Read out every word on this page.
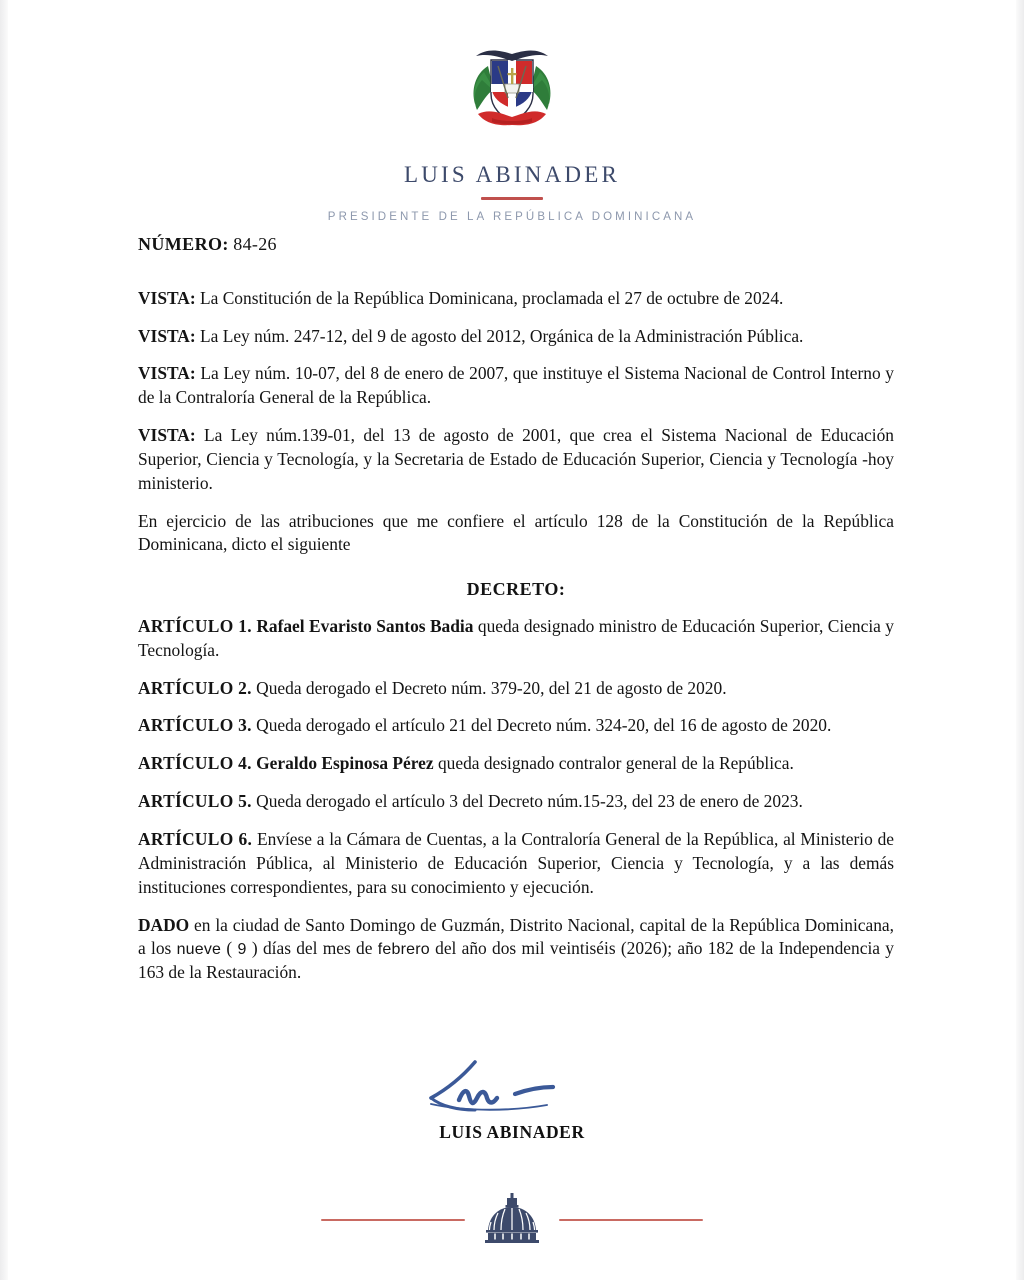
LUIS ABINADER
PRESIDENTE DE LA REPÚBLICA DOMINICANA
NÚMERO: 84-26

VISTA: La Constitución de la República Dominicana, proclamada el 27 de octubre de 2024.

VISTA: La Ley núm. 247-12, del 9 de agosto del 2012, Orgánica de la Administración Pública.

VISTA: La Ley núm. 10-07, del 8 de enero de 2007, que instituye el Sistema Nacional de Control Interno y de la Contraloría General de la República.

VISTA: La Ley núm.139-01, del 13 de agosto de 2001, que crea el Sistema Nacional de Educación Superior, Ciencia y Tecnología, y la Secretaria de Estado de Educación Superior, Ciencia y Tecnología -hoy ministerio.

En ejercicio de las atribuciones que me confiere el artículo 128 de la Constitución de la República Dominicana, dicto el siguiente

DECRETO:

ARTÍCULO 1. Rafael Evaristo Santos Badia queda designado ministro de Educación Superior, Ciencia y Tecnología.

ARTÍCULO 2. Queda derogado el Decreto núm. 379-20, del 21 de agosto de 2020.

ARTÍCULO 3. Queda derogado el artículo 21 del Decreto núm. 324-20, del 16 de agosto de 2020.

ARTÍCULO 4. Geraldo Espinosa Pérez queda designado contralor general de la República.

ARTÍCULO 5. Queda derogado el artículo 3 del Decreto núm.15-23, del 23 de enero de 2023.

ARTÍCULO 6. Envíese a la Cámara de Cuentas, a la Contraloría General de la República, al Ministerio de Administración Pública, al Ministerio de Educación Superior, Ciencia y Tecnología, y a las demás instituciones correspondientes, para su conocimiento y ejecución.

DADO en la ciudad de Santo Domingo de Guzmán, Distrito Nacional, capital de la República Dominicana, a los nueve ( 9 ) días del mes de febrero del año dos mil veintiséis (2026); año 182 de la Independencia y 163 de la Restauración.

LUIS ABINADER
